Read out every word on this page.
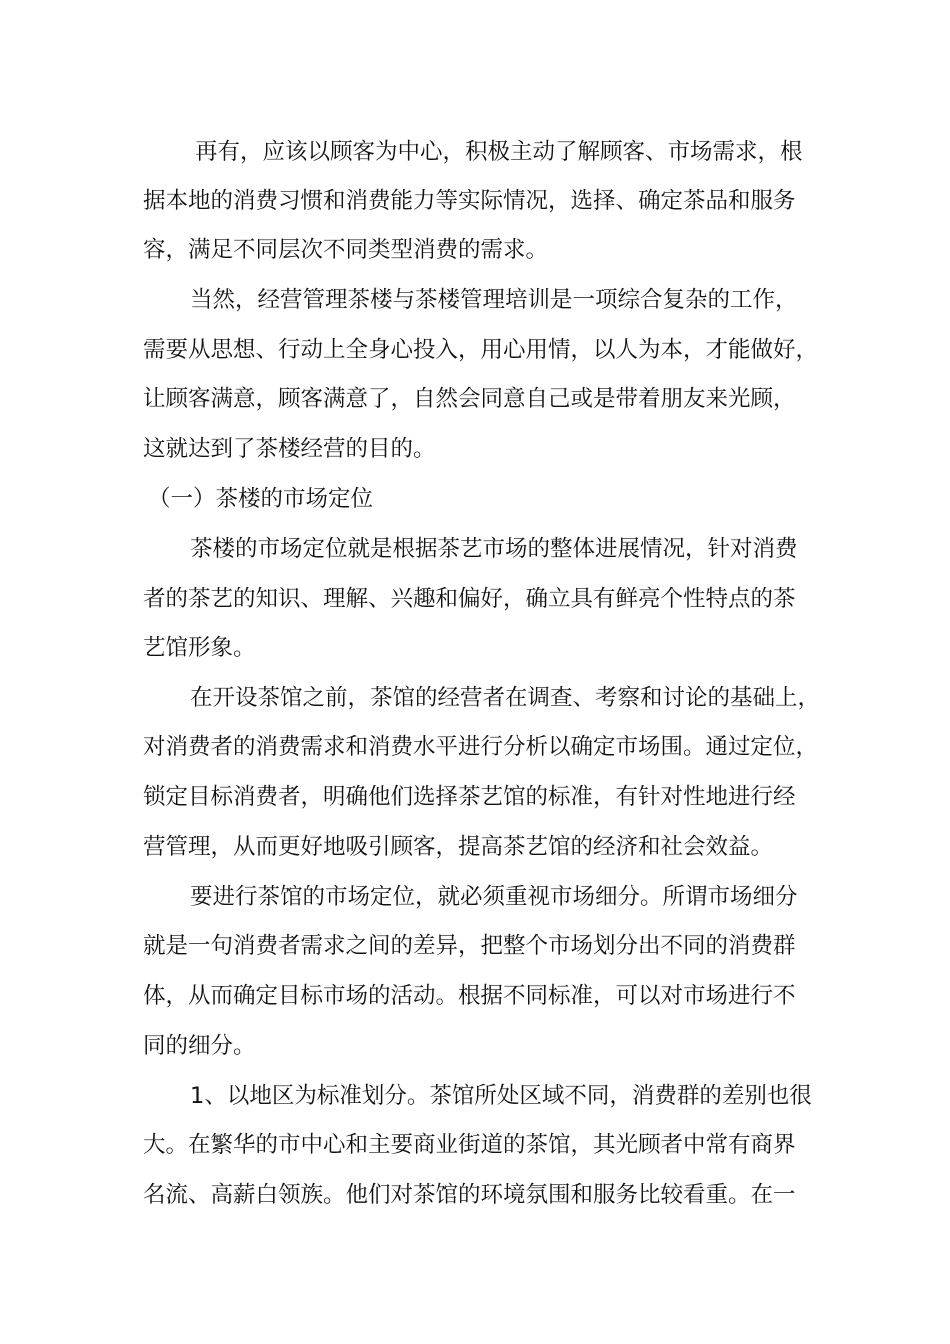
再有，应该以顾客为中心，积极主动了解顾客、市场需求，根
据本地的消费习惯和消费能力等实际情况，选择、确定茶品和服务
容，满足不同层次不同类型消费的需求。
当然，经营管理茶楼与茶楼管理培训是一项综合复杂的工作，
需要从思想、行动上全身心投入，用心用情，以人为本，才能做好，
让顾客满意，顾客满意了，自然会同意自己或是带着朋友来光顾，
这就达到了茶楼经营的目的。
（一）茶楼的市场定位
茶楼的市场定位就是根据茶艺市场的整体进展情况，针对消费
者的茶艺的知识、理解、兴趣和偏好，确立具有鲜亮个性特点的茶
艺馆形象。
在开设茶馆之前，茶馆的经营者在调查、考察和讨论的基础上，
对消费者的消费需求和消费水平进行分析以确定市场围。通过定位，
锁定目标消费者，明确他们选择茶艺馆的标准，有针对性地进行经
营管理，从而更好地吸引顾客，提高茶艺馆的经济和社会效益。
要进行茶馆的市场定位，就必须重视市场细分。所谓市场细分
就是一句消费者需求之间的差异，把整个市场划分出不同的消费群
体，从而确定目标市场的活动。根据不同标准，可以对市场进行不
同的细分。
1、以地区为标准划分。茶馆所处区域不同，消费群的差别也很
大。在繁华的市中心和主要商业街道的茶馆，其光顾者中常有商界
名流、高薪白领族。他们对茶馆的环境氛围和服务比较看重。在一
